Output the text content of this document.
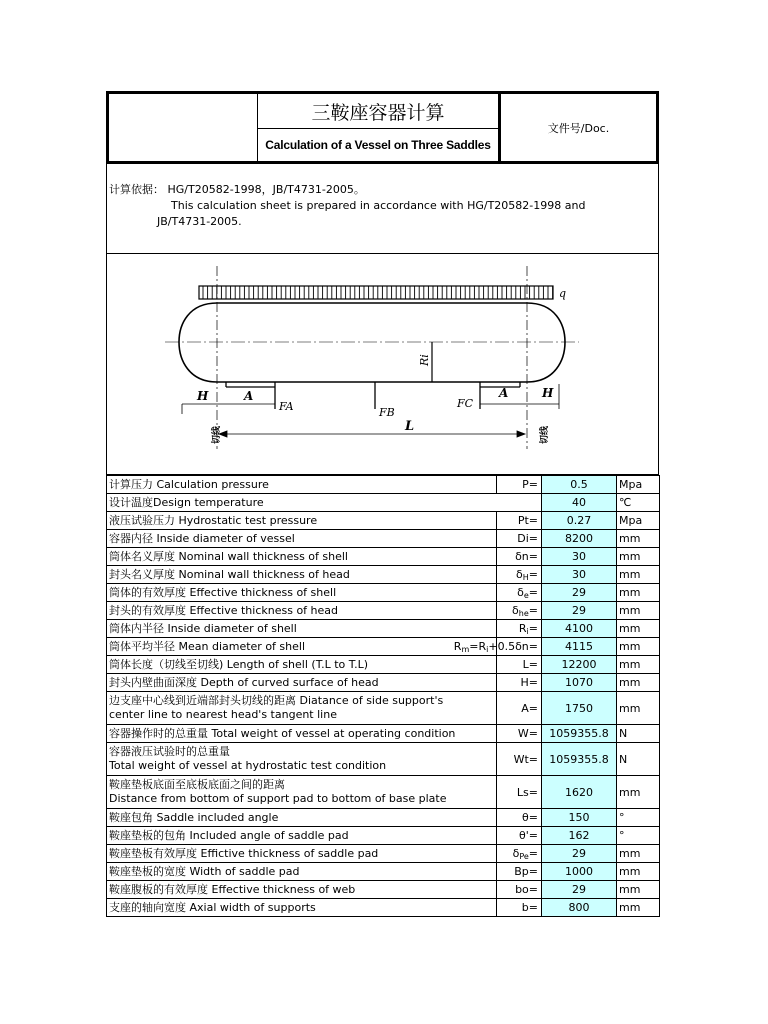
三鞍座容器计算
Calculation of a Vessel on Three Saddles
文件号/Doc.
计算依据： HG/T20582-1998，JB/T4731-2005。
This calculation sheet is prepared in accordance with HG/T20582-1998 and
JB/T4731-2005.
q
Ri
H	A	A	H
FA	FB
FC
L
切线	切线
计算压力 Calculation pressure	P=	0.5	Mpa
设计温度Design temperature		40	℃
液压试验压力 Hydrostatic test pressure	Pt=	0.27	Mpa
容器内径 Inside diameter of vessel	Di=	8200	mm
筒体名义厚度 Nominal wall thickness of shell	δn=	30	mm
封头名义厚度 Nominal wall thickness of head	$\delta_H=$	30	mm
筒体的有效厚度 Effective thickness of shell	$\delta_e=$	29	mm
封头的有效厚度 Effective thickness of head	$\delta_{he}=$	29	mm
筒体内半径 Inside diameter of shell	$R_i=$	4100	mm
筒体平均半径 Mean diameter of shell	$R_m=R_i+0.5\delta n=$	4115	mm
筒体长度（切线至切线) Length of shell (T.L to T.L)	L=	12200	mm
封头内壁曲面深度 Depth of curved surface of head	H=	1070	mm

边支座中心线到近端部封头切线的距离 Diatance of side support's
center line to nearest head's tangent line	A=	1750	mm
容器操作时的总重量 Total weight of vessel at operating condition	W=	1059355.8	N

容器液压试验时的总重量
Total weight of vessel at hydrostatic test condition	Wt=	1059355.8	N

鞍座垫板底面至底板底面之间的距离
Distance from bottom of support pad to bottom of base plate	Ls=	1620	mm
鞍座包角 Saddle included angle	θ=	150	°
鞍座垫板的包角 Included angle of saddle pad	θ'=	162	°
鞍座垫板有效厚度 Effictive thickness of saddle pad	$\delta_{Pe}=$	29	mm
鞍座垫板的宽度 Width of saddle pad	Bp=	1000	mm
鞍座腹板的有效厚度 Effective thickness of web	bo=	29	mm
支座的轴向宽度 Axial width of supports	b=	800	mm
